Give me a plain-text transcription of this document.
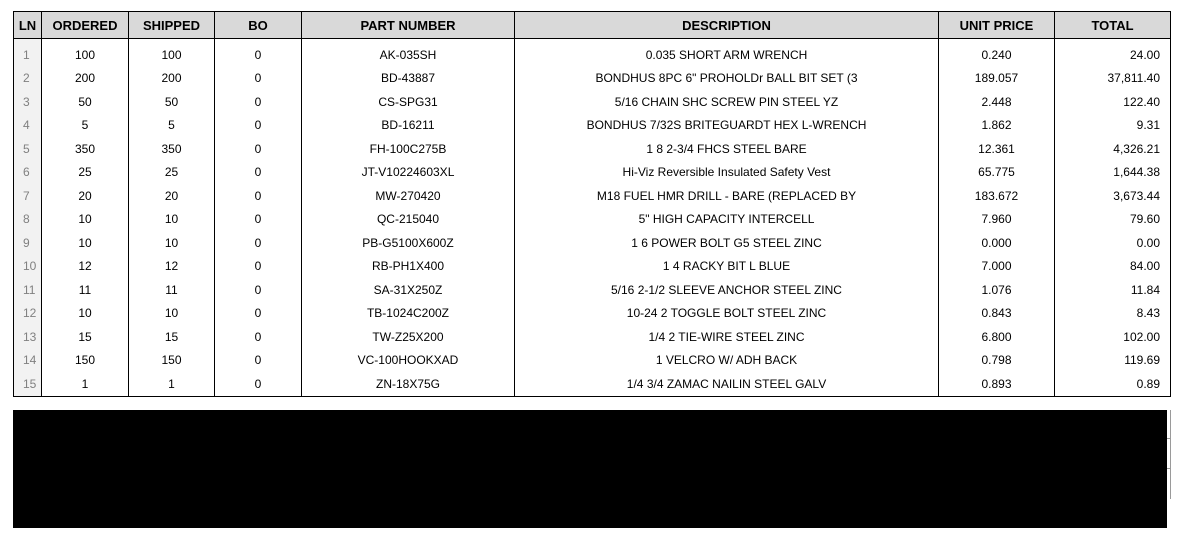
LN	ORDERED	SHIPPED	BO	PART NUMBER	DESCRIPTION	UNIT PRICE	TOTAL
1	100	100	0	AK-035SH	0.035 SHORT ARM WRENCH	0.240	24.00
2	200	200	0	BD-43887	BONDHUS 8PC 6" PROHOLDr BALL BIT SET (3	189.057	37,811.40
3	50	50	0	CS-SPG31	5/16 CHAIN SHC SCREW PIN STEEL YZ	2.448	122.40
4	5	5	0	BD-16211	BONDHUS 7/32S BRITEGUARDT HEX L-WRENCH	1.862	9.31
5	350	350	0	FH-100C275B	1 8 2-3/4 FHCS STEEL BARE	12.361	4,326.21
6	25	25	0	JT-V10224603XL	Hi-Viz Reversible Insulated Safety Vest	65.775	1,644.38
7	20	20	0	MW-270420	M18 FUEL HMR DRILL - BARE (REPLACED BY	183.672	3,673.44
8	10	10	0	QC-215040	5" HIGH CAPACITY INTERCELL	7.960	79.60
9	10	10	0	PB-G5100X600Z	1 6 POWER BOLT G5 STEEL ZINC	0.000	0.00
10	12	12	0	RB-PH1X400	1 4 RACKY BIT L BLUE	7.000	84.00
11	11	11	0	SA-31X250Z	5/16 2-1/2 SLEEVE ANCHOR STEEL ZINC	1.076	11.84
12	10	10	0	TB-1024C200Z	10-24 2 TOGGLE BOLT STEEL ZINC	0.843	8.43
13	15	15	0	TW-Z25X200	1/4 2 TIE-WIRE STEEL ZINC	6.800	102.00
14	150	150	0	VC-100HOOKXAD	1 VELCRO W/ ADH BACK	0.798	119.69
15	1	1	0	ZN-18X75G	1/4 3/4 ZAMAC NAILIN STEEL GALV	0.893	0.89
